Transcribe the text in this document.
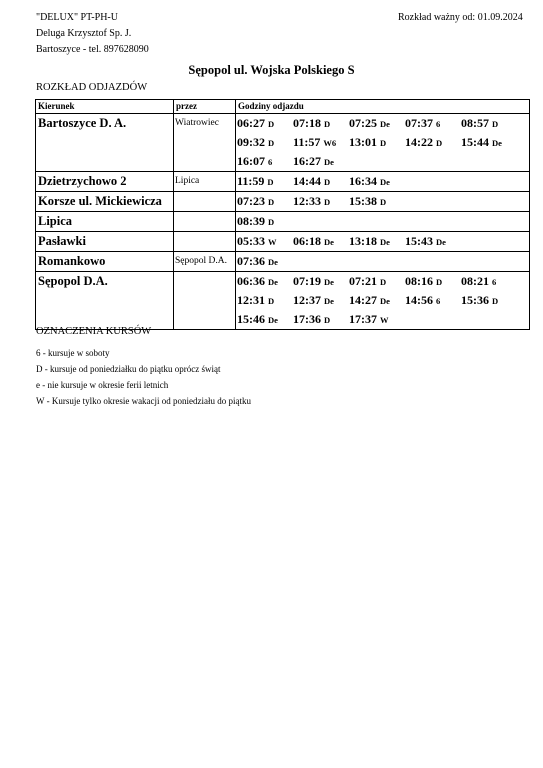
"DELUX" PT-PH-U
Deluga Krzysztof Sp. J.
Bartoszyce - tel. 897628090
Rozkład ważny od: 01.09.2024
Sępopol ul. Wojska Polskiego S
ROZKŁAD ODJAZDÓW
Kierunek	przez	Godziny odjazdu
Bartoszyce D. A.	Wiatrowiec	06:27 D 07:18 D 07:25 De 07:37 6 08:57 D
09:32 D 11:57 W6 13:01 D 14:22 D 15:44 De
16:07 6 16:27 De

Dzietrzychowo 2	Lipica	11:59 D 14:44 D 16:34 De

Korsze ul. Mickiewicza		07:23 D 12:33 D 15:38 D

Lipica		08:39 D

Pasławki		05:33 W 06:18 De 13:18 De 15:43 De

Romankowo	Sępopol D.A.	07:36 De

Sępopol D.A.		06:36 De 07:19 De 07:21 D 08:16 D 08:21 6
12:31 D 12:37 De 14:27 De 14:56 6 15:36 D
15:46 De 17:36 D 17:37 W
OZNACZENIA KURSÓW
6 - kursuje w soboty
D - kursuje od poniedziałku do piątku oprócz świąt
e - nie kursuje w okresie ferii letnich
W - Kursuje tylko okresie wakacji od poniedziału do piątku
